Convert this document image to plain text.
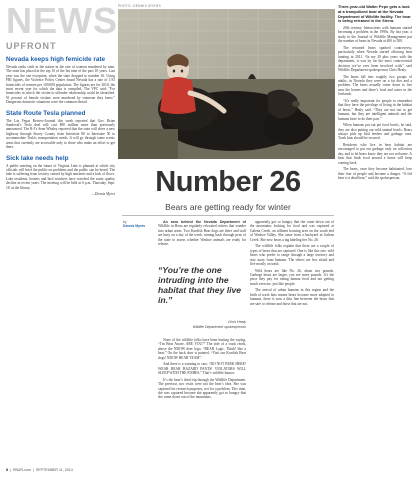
NEWS
UPFRONT
Nevada keeps high femicide rate
Nevada ranks sixth in the nation in the rate of women murdered by men. The state has placed in the top 10 of the list nine of the past 10 years. Last year was the one exception, when the state dropped to number 16. Using FBI figures, the Violence Policy Center found Nevada has a rate of 1.93 homicides of women per 100,000 population. The figures are for 2010, the most recent year for which the data is compiled. The VPC said: "For homicides in which the victim to offender relationship could be identified, 91 percent of female victims were murdered by someone they knew." Dangerous domestic situations were the common thread.
State Route Tesla planned
The Las Vegas Review-Journal this week reported that Gov. Brian Sandoval's Tesla deal will cost $90 million more than previously announced. The R-J's Sean Whaley reported that the state will drive a new highway through Storey County from Interstate 80 to Interstate 50 to accommodate Tesla's transportation needs. It will go through some scenic areas that currently are accessible only to those who make an effort to get there.
Sick lake needs help
A public meeting on the future of Virginia Lake is planned at which city officials will brief the public on problems and the public can be heard. The lake is suffering from toxicity caused by high nutrients and a lack of flows. Lake residents, boaters and bird watchers have watched the water quality decline in recent years. The meeting will be held at 6 p.m. Thursday, Sept. 18, at the library.
—Dennis Myers
PHOTO: DENNIS MYERS	Three-year-old Walter Pepe gets a look at a tranquilized bear at the Nevada Department of Wildlife facility. The bear is being released in the Sierra.

20th century. Interactions with humans started becoming a problem in the 1990s. By last year, a study in the Journal of Wildlife Management put the number of bears in Nevada at 400 to 500.

The returned bears sparked controversy, particularly when Nevada started allowing bear hunting in 2011. “In my 20 plus years with the department, it was by far the most controversial decision we’ve ever been involved with,” said Wildlife Department spokesperson Chris Healy.

The bears fall into roughly two groups of adults, in Nevada they were on a fat diet and a problem. The bears actually come down to live near the homes and there’s food and water in the lowlands.

“It’s really important for people to remember that they have the privilege of living in the habitat of bears,” Healy said. “They are not out to get humans, but they are intelligent animals and the humans have to do their part.”

When humans put out pet food bowls, he said, they are also putting out wild animal bowls. Bears always pick up bird feeders and garbage cans. Trash bins should be secured.

Residents who live in bear habitat are encouraged to put out garbage only on collection day, and to let bears know they are not welcome. A bear that finds food around a home will keep coming back.

The bears, once they become habituated, lose their fear of people and become a danger. “A fed bear is a dead bear,” said the spokesperson.

Number 26
Bears are getting ready for winter
by
Dennis Myers

An area behind the Nevada Department of Wildlife in Reno are regularly relocated critters that wander into urban areas. Two Kurdish Bear dogs are there and staff are busy on a day of the week, turning back through pens of the state to assess whether Washoe animals are ready for release.

“You’re the one intruding into the habitat that they live in.”
Chris Healy
Wildlife Department spokesperson

None of the wildlife folks have been hurting the saying, “I’m Bear Aware, ARE YOU?” The side of a truck reads, above the NDOW deer logo, “BEAR Logic. Think! like a bear.” On the back door is painted, “Visit our Kurdish Bear dogs! NDOW BEAR TEAM”.

And there is a warning to cars: “DO NOT PARK HERE! WEAR BEAR HAZARD PANTS! VIOLATORS WILL SLEEP WITH THE FISHES.” That’s wildlife humor.

It’s the bear’s third trip through the Wildlife Department. The previous two visits were not the bear’s idea. She was captured for research purposes, not for a problem. This time, she was captured because she apparently got so hungry that she came down out of the mountains.

apparently got so hungry that she came down out of the mountains looking for food and was captured at Galena Creek, an affluent housing area on the south end of Washoe Valley. She came from a backyard in Galena Creek. She now bears a tag labeling her No. 26.

The wildlife folks explain that there are a couple of types of bears that are captured. One is like this one, wild bears who prefer to range through a large territory and stay away from humans. The others are less afraid and live mostly on trash.

Wild bears are like No. 26, about two pounds. Garbage bears are larger, you see more pounds. It’s the price they pay for eating human food and not getting much exercise, just like people.

The arrival of urban humans in this region and the birth of trash bins means bears become more adapted to humans, there is now a thin line between the bears that are safe to release and those that are not.

8  |  RN&R.com  |  SEPTEMBER 11, 2014
